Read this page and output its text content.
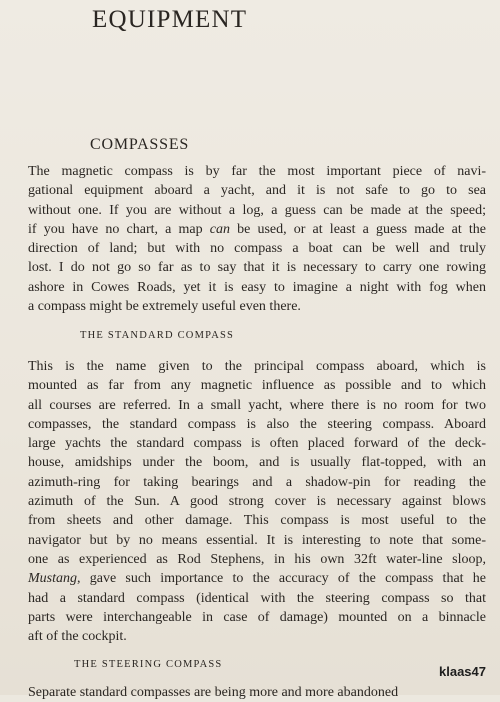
EQUIPMENT
COMPASSES
The magnetic compass is by far the most important piece of navi-
gational equipment aboard a yacht, and it is not safe to go to sea
without one. If you are without a log, a guess can be made at the speed;
if you have no chart, a map can be used, or at least a guess made at the
direction of land; but with no compass a boat can be well and truly
lost. I do not go so far as to say that it is necessary to carry one rowing
ashore in Cowes Roads, yet it is easy to imagine a night with fog when
a compass might be extremely useful even there.
THE STANDARD COMPASS
This is the name given to the principal compass aboard, which is
mounted as far from any magnetic influence as possible and to which
all courses are referred. In a small yacht, where there is no room for two
compasses, the standard compass is also the steering compass. Aboard
large yachts the standard compass is often placed forward of the deck-
house, amidships under the boom, and is usually flat-topped, with an
azimuth-ring for taking bearings and a shadow-pin for reading the
azimuth of the Sun. A good strong cover is necessary against blows
from sheets and other damage. This compass is most useful to the
navigator but by no means essential. It is interesting to note that some-
one as experienced as Rod Stephens, in his own 32ft water-line sloop,
Mustang, gave such importance to the accuracy of the compass that he
had a standard compass (identical with the steering compass so that
parts were interchangeable in case of damage) mounted on a binnacle
aft of the cockpit.
THE STEERING COMPASS
Separate standard compasses are being more and more abandoned
klaas47
